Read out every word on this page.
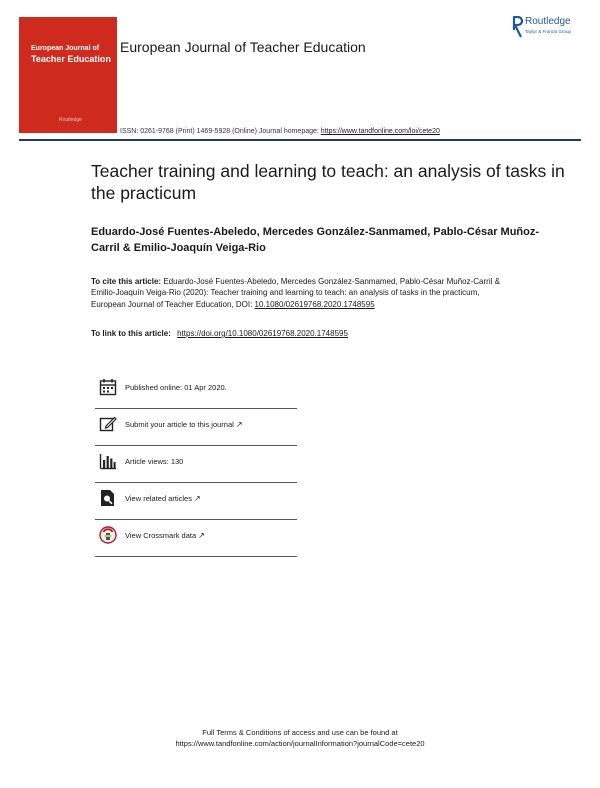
European Journal of
Teacher Education
Routledge
European Journal of Teacher Education
Routledge
Taylor & Francis Group
ISSN: 0261-9768 (Print) 1469-5928 (Online) Journal homepage: https://www.tandfonline.com/loi/cete20
Teacher training and learning to teach: an analysis of tasks in the practicum
Eduardo-José Fuentes-Abeledo, Mercedes González-Sanmamed, Pablo-César Muñoz-Carril & Emilio-Joaquín Veiga-Rio
To cite this article: Eduardo-José Fuentes-Abeledo, Mercedes González-Sanmamed, Pablo-César Muñoz-Carril & Emilio-Joaquín Veiga-Rio (2020): Teacher training and learning to teach: an analysis of tasks in the practicum, European Journal of Teacher Education, DOI: 10.1080/02619768.2020.1748595
To link to this article: https://doi.org/10.1080/02619768.2020.1748595
Published online: 01 Apr 2020.
Submit your article to this journal ↗
Article views: 130
View related articles ↗
View Crossmark data ↗
Full Terms & Conditions of access and use can be found at
https://www.tandfonline.com/action/journalInformation?journalCode=cete20
